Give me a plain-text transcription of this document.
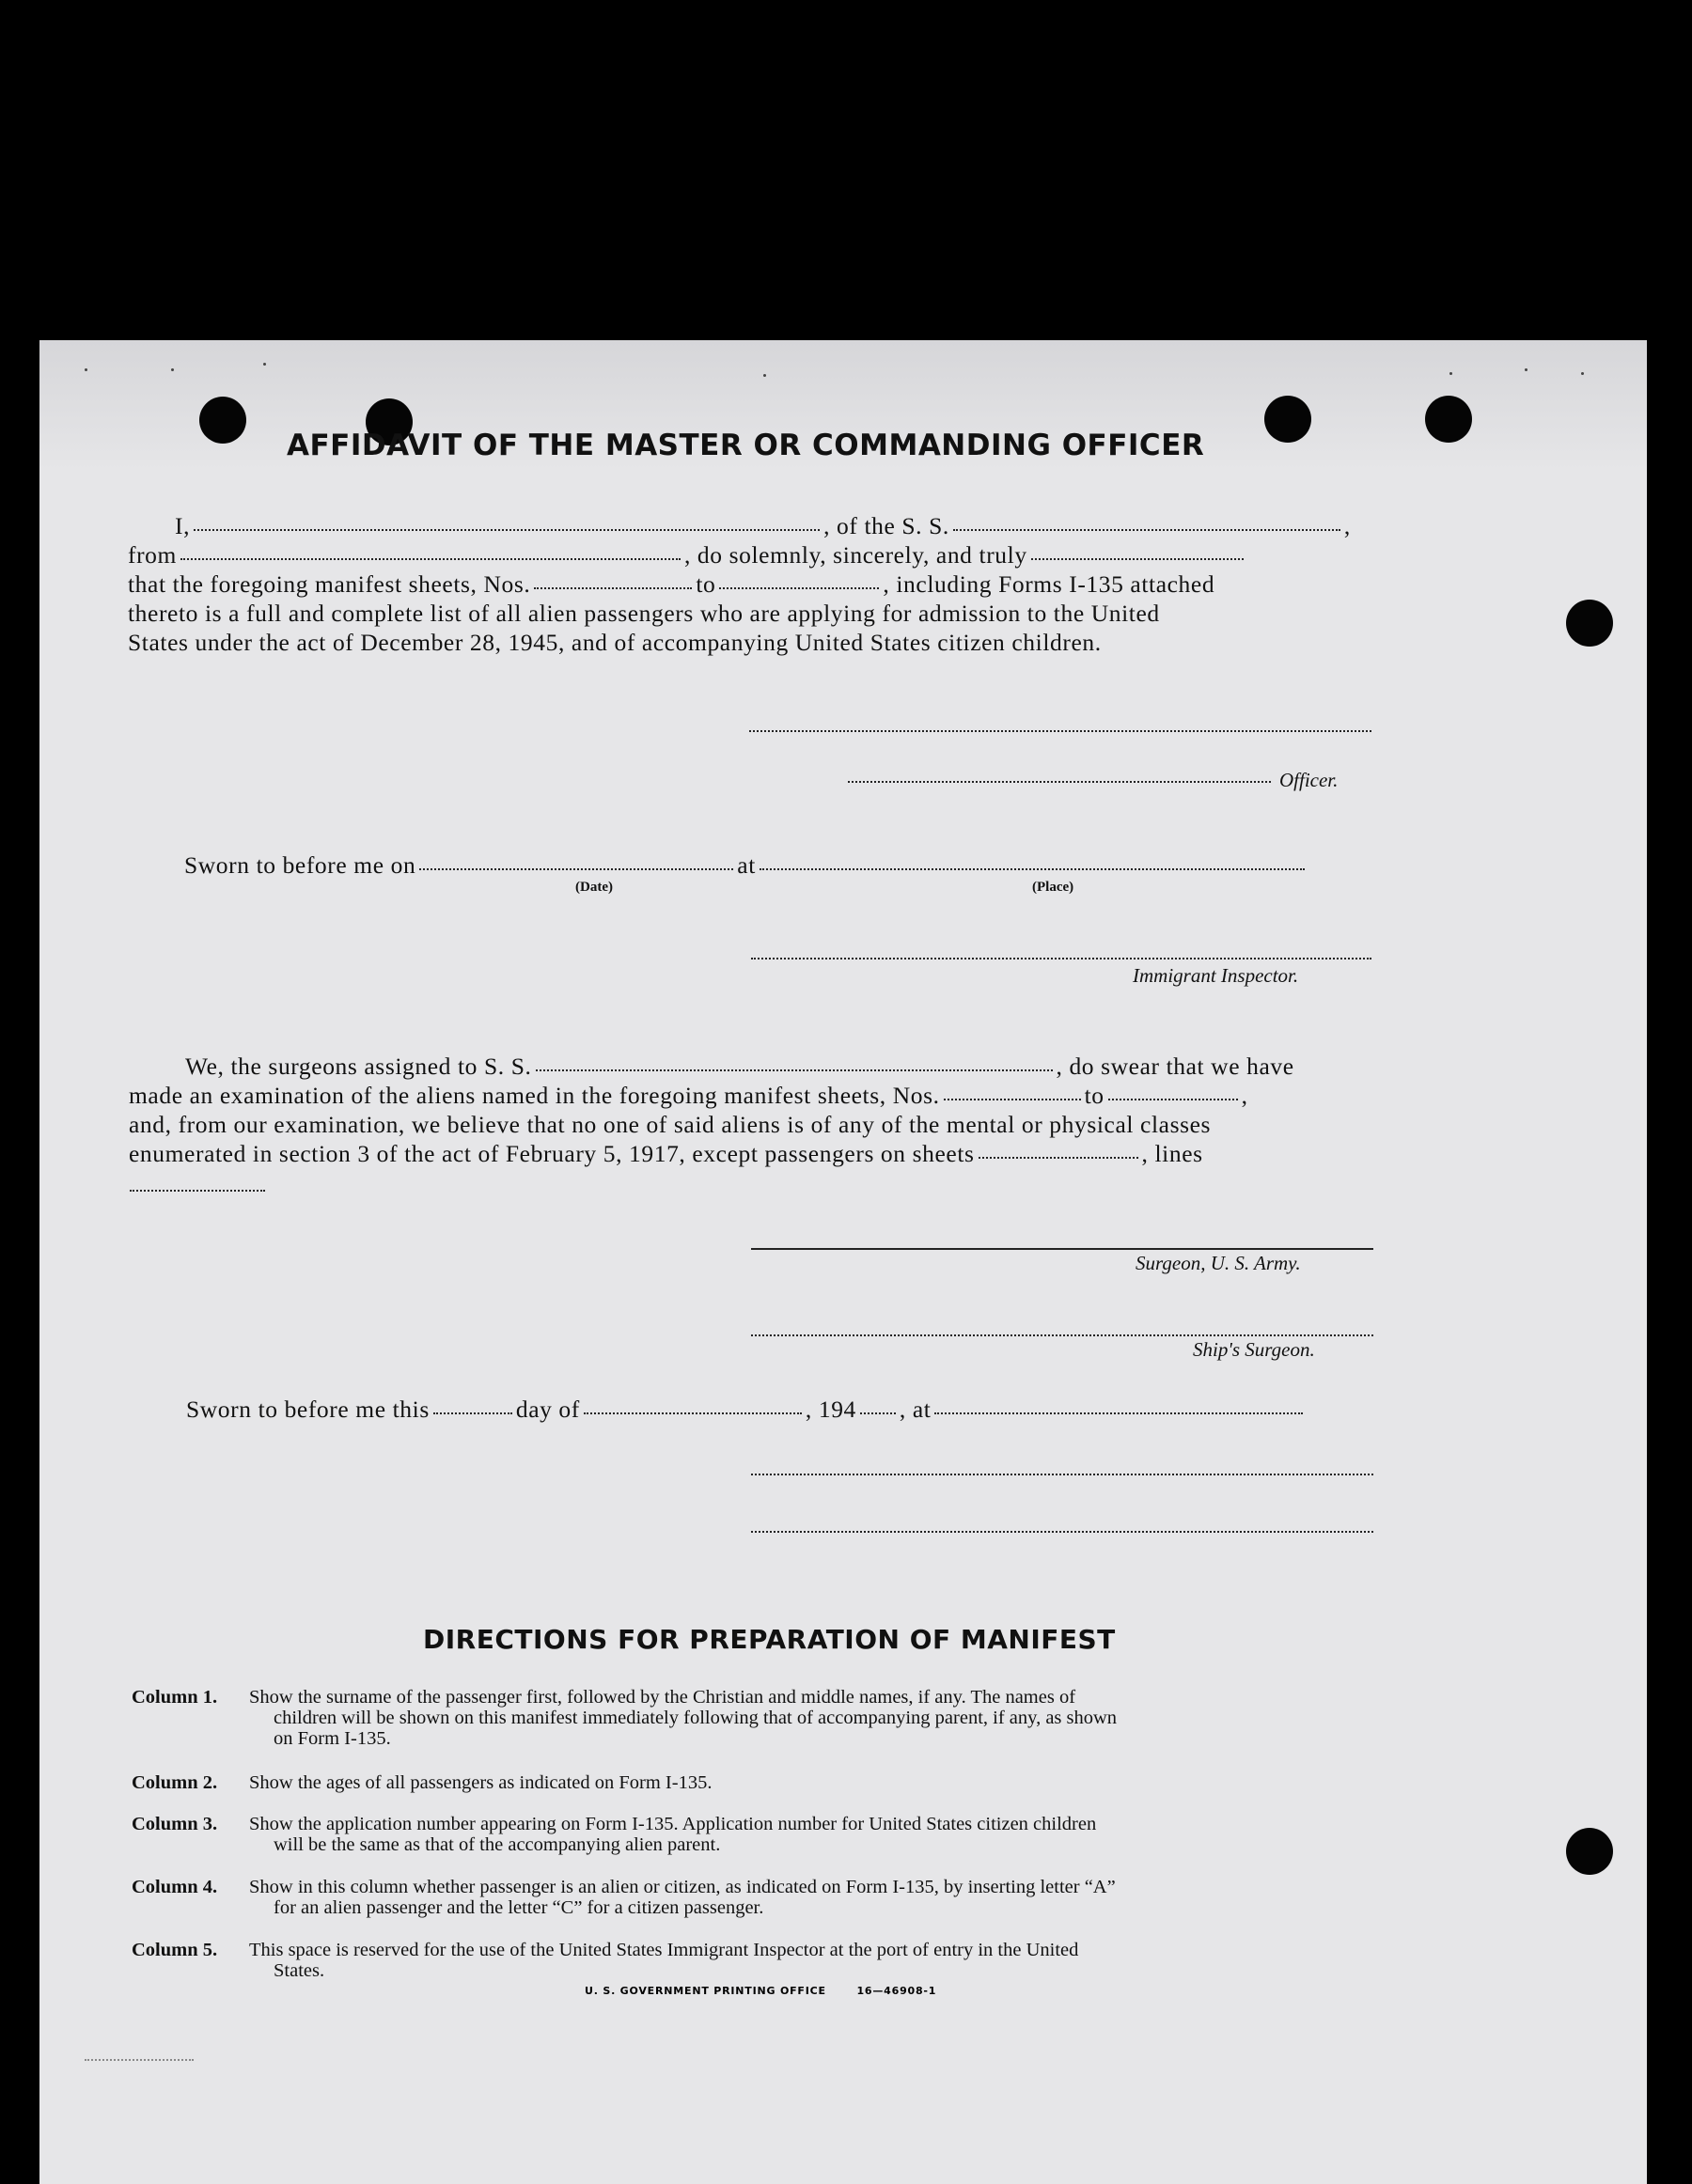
AFFIDAVIT OF THE MASTER OR COMMANDING OFFICER
I,	, of the S. S.	,
from	, do solemnly, sincerely, and truly
that the foregoing manifest sheets, Nos.	to	, including Forms I-135 attached
thereto is a full and complete list of all alien passengers who are applying for admission to the United
States under the act of December 28, 1945, and of accompanying United States citizen children.
Officer.
Sworn to before me on	at
(Date)	(Place)
Immigrant Inspector.
We, the surgeons assigned to S. S.	, do swear that we have
made an examination of the aliens named in the foregoing manifest sheets, Nos.	to	,
and, from our examination, we believe that no one of said aliens is of any of the mental or physical classes
enumerated in section 3 of the act of February 5, 1917, except passengers on sheets	, lines
Surgeon, U. S. Army.
Ship's Surgeon.
Sworn to before me this	day of	, 194 , at
DIRECTIONS FOR PREPARATION OF MANIFEST
Column 1. Show the surname of the passenger first, followed by the Christian and middle names, if any. The names of
children will be shown on this manifest immediately following that of accompanying parent, if any, as shown
on Form I-135.
Column 2. Show the ages of all passengers as indicated on Form I-135.
Column 3. Show the application number appearing on Form I-135. Application number for United States citizen children
will be the same as that of the accompanying alien parent.
Column 4. Show in this column whether passenger is an alien or citizen, as indicated on Form I-135, by inserting letter “A”
for an alien passenger and the letter “C” for a citizen passenger.
Column 5. This space is reserved for the use of the United States Immigrant Inspector at the port of entry in the United
States.
U. S. GOVERNMENT PRINTING OFFICE	16—46908-1
